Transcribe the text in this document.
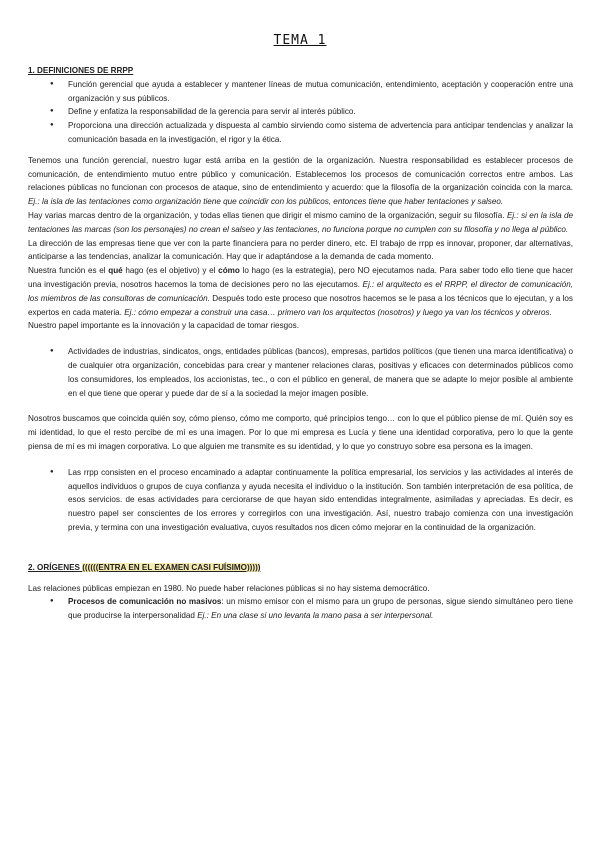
TEMA 1

1. DEFINICIONES DE RRPP

● Función gerencial que ayuda a establecer y mantener líneas de mutua comunicación, entendimiento, aceptación y cooperación entre una organización y sus públicos.
● Define y enfatiza la responsabilidad de la gerencia para servir al interés público.
● Proporciona una dirección actualizada y dispuesta al cambio sirviendo como sistema de advertencia para anticipar tendencias y analizar la comunicación basada en la investigación, el rigor y la ética.

Tenemos una función gerencial, nuestro lugar está arriba en la gestión de la organización. Nuestra responsabilidad es establecer procesos de comunicación, de entendimiento mutuo entre público y comunicación. Establecemos los procesos de comunicación correctos entre ambos. Las relaciones públicas no funcionan con procesos de ataque, sino de entendimiento y acuerdo: que la filosofía de la organización coincida con la marca. Ej.: la isla de las tentaciones como organización tiene que coincidir con los públicos, entonces tiene que haber tentaciones y salseo.

Hay varias marcas dentro de la organización, y todas ellas tienen que dirigir el mismo camino de la organización, seguir su filosofía. Ej.: si en la isla de tentaciones las marcas (son los personajes) no crean el salseo y las tentaciones, no funciona porque no cumplen con su filosofía y no llega al público.

La dirección de las empresas tiene que ver con la parte financiera para no perder dinero, etc. El trabajo de rrpp es innovar, proponer, dar alternativas, anticiparse a las tendencias, analizar la comunicación. Hay que ir adaptándose a la demanda de cada momento.

Nuestra función es el qué hago (es el objetivo) y el cómo lo hago (es la estrategia), pero NO ejecutamos nada. Para saber todo ello tiene que hacer una investigación previa, nosotros hacemos la toma de decisiones pero no las ejecutamos. Ej.: el arquitecto es el RRPP, el director de comunicación, los miembros de las consultoras de comunicación. Después todo este proceso que nosotros hacemos se le pasa a los técnicos que lo ejecutan, y a los expertos en cada materia. Ej.: cómo empezar a construir una casa… primero van los arquitectos (nosotros) y luego ya van los técnicos y obreros.

Nuestro papel importante es la innovación y la capacidad de tomar riesgos.

● Actividades de industrias, sindicatos, ongs, entidades públicas (bancos), empresas, partidos políticos (que tienen una marca identificativa) o de cualquier otra organización, concebidas para crear y mantener relaciones claras, positivas y eficaces con determinados públicos como los consumidores, los empleados, los accionistas, tec., o con el público en general, de manera que se adapte lo mejor posible al ambiente en el que tiene que operar y puede dar de sí a la sociedad la mejor imagen posible.

Nosotros buscamos que coincida quién soy, cómo pienso, cómo me comporto, qué principios tengo… con lo que el público piense de mí. Quién soy es mi identidad, lo que el resto percibe de mí es una imagen. Por lo que mi empresa es Lucía y tiene una identidad corporativa, pero lo que la gente piensa de mí es mi imagen corporativa. Lo que alguien me transmite es su identidad, y lo que yo construyo sobre esa persona es la imagen.

● Las rrpp consisten en el proceso encaminado a adaptar continuamente la política empresarial, los servicios y las actividades al interés de aquellos individuos o grupos de cuya confianza y ayuda necesita el individuo o la institución. Son también interpretación de esa política, de esos servicios. de esas actividades para cerciorarse de que hayan sido entendidas integralmente, asimiladas y apreciadas. Es decir, es nuestro papel ser conscientes de los errores y corregirlos con una investigación. Así, nuestro trabajo comienza con una investigación previa, y termina con una investigación evaluativa, cuyos resultados nos dicen cómo mejorar en la continuidad de la organización.

2. ORÍGENES ((((((ENTRA EN EL EXAMEN CASI FUÍSIMO)))))

Las relaciones públicas empiezan en 1980. No puede haber relaciones públicas si no hay sistema democrático.

● Procesos de comunicación no masivos: un mismo emisor con el mismo para un grupo de personas, sigue siendo simultáneo pero tiene que producirse la interpersonalidad Ej.: En una clase si uno levanta la mano pasa a ser interpersonal.
